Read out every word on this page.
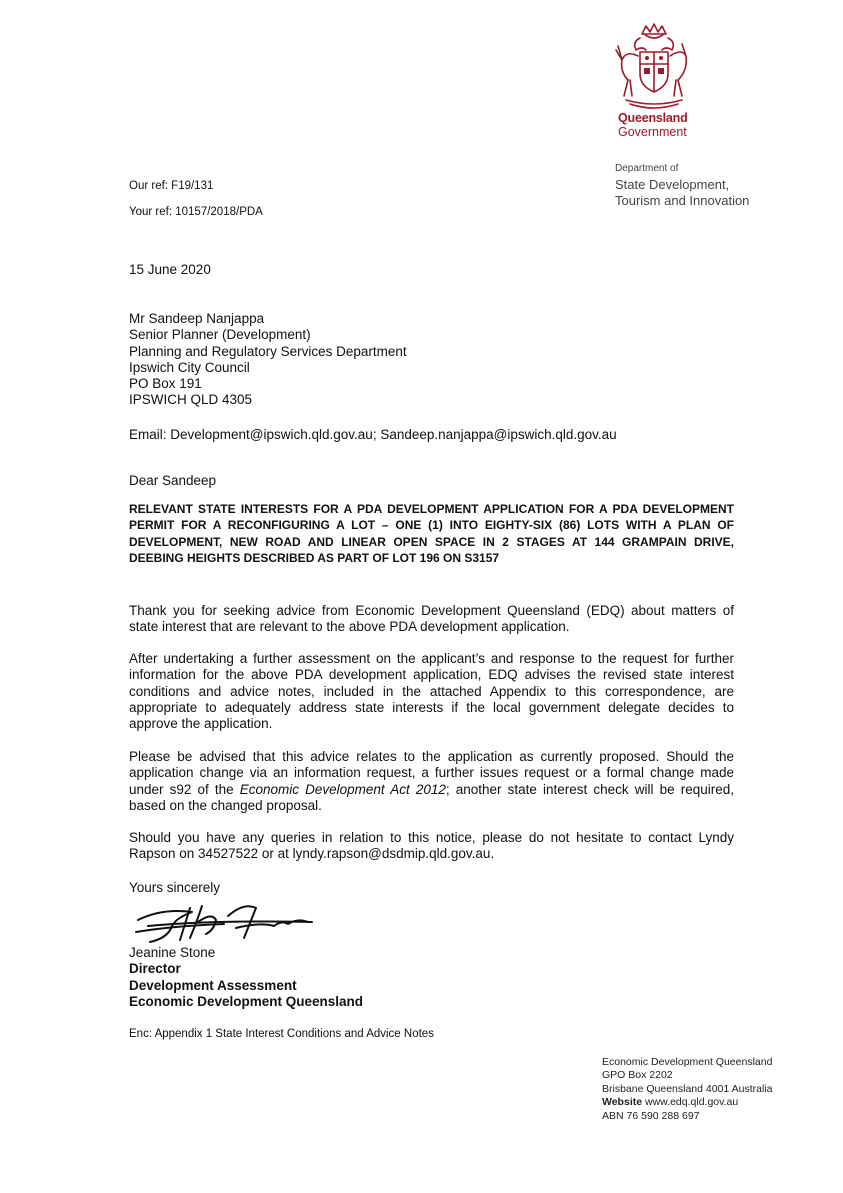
Queensland
Government
Department of
State Development,
Tourism and Innovation
Our ref: F19/131
Your ref: 10157/2018/PDA
15 June 2020
Mr Sandeep Nanjappa
Senior Planner (Development)
Planning and Regulatory Services Department
Ipswich City Council
PO Box 191
IPSWICH QLD 4305
Email: Development@ipswich.qld.gov.au; Sandeep.nanjappa@ipswich.qld.gov.au
Dear Sandeep
RELEVANT STATE INTERESTS FOR A PDA DEVELOPMENT APPLICATION FOR A PDA DEVELOPMENT PERMIT FOR A RECONFIGURING A LOT – ONE (1) INTO EIGHTY-SIX (86) LOTS WITH A PLAN OF DEVELOPMENT, NEW ROAD AND LINEAR OPEN SPACE IN 2 STAGES AT 144 GRAMPAIN DRIVE, DEEBING HEIGHTS DESCRIBED AS PART OF LOT 196 ON S3157
Thank you for seeking advice from Economic Development Queensland (EDQ) about matters of state interest that are relevant to the above PDA development application.
After undertaking a further assessment on the applicant’s and response to the request for further information for the above PDA development application, EDQ advises the revised state interest conditions and advice notes, included in the attached Appendix to this correspondence, are appropriate to adequately address state interests if the local government delegate decides to approve the application.
Please be advised that this advice relates to the application as currently proposed. Should the application change via an information request, a further issues request or a formal change made under s92 of the Economic Development Act 2012; another state interest check will be required, based on the changed proposal.
Should you have any queries in relation to this notice, please do not hesitate to contact Lyndy Rapson on 34527522 or at lyndy.rapson@dsdmip.qld.gov.au.
Yours sincerely
Jeanine Stone
Director
Development Assessment
Economic Development Queensland
Enc: Appendix 1 State Interest Conditions and Advice Notes
Economic Development Queensland
GPO Box 2202
Brisbane Queensland 4001 Australia
Website www.edq.qld.gov.au
ABN 76 590 288 697
